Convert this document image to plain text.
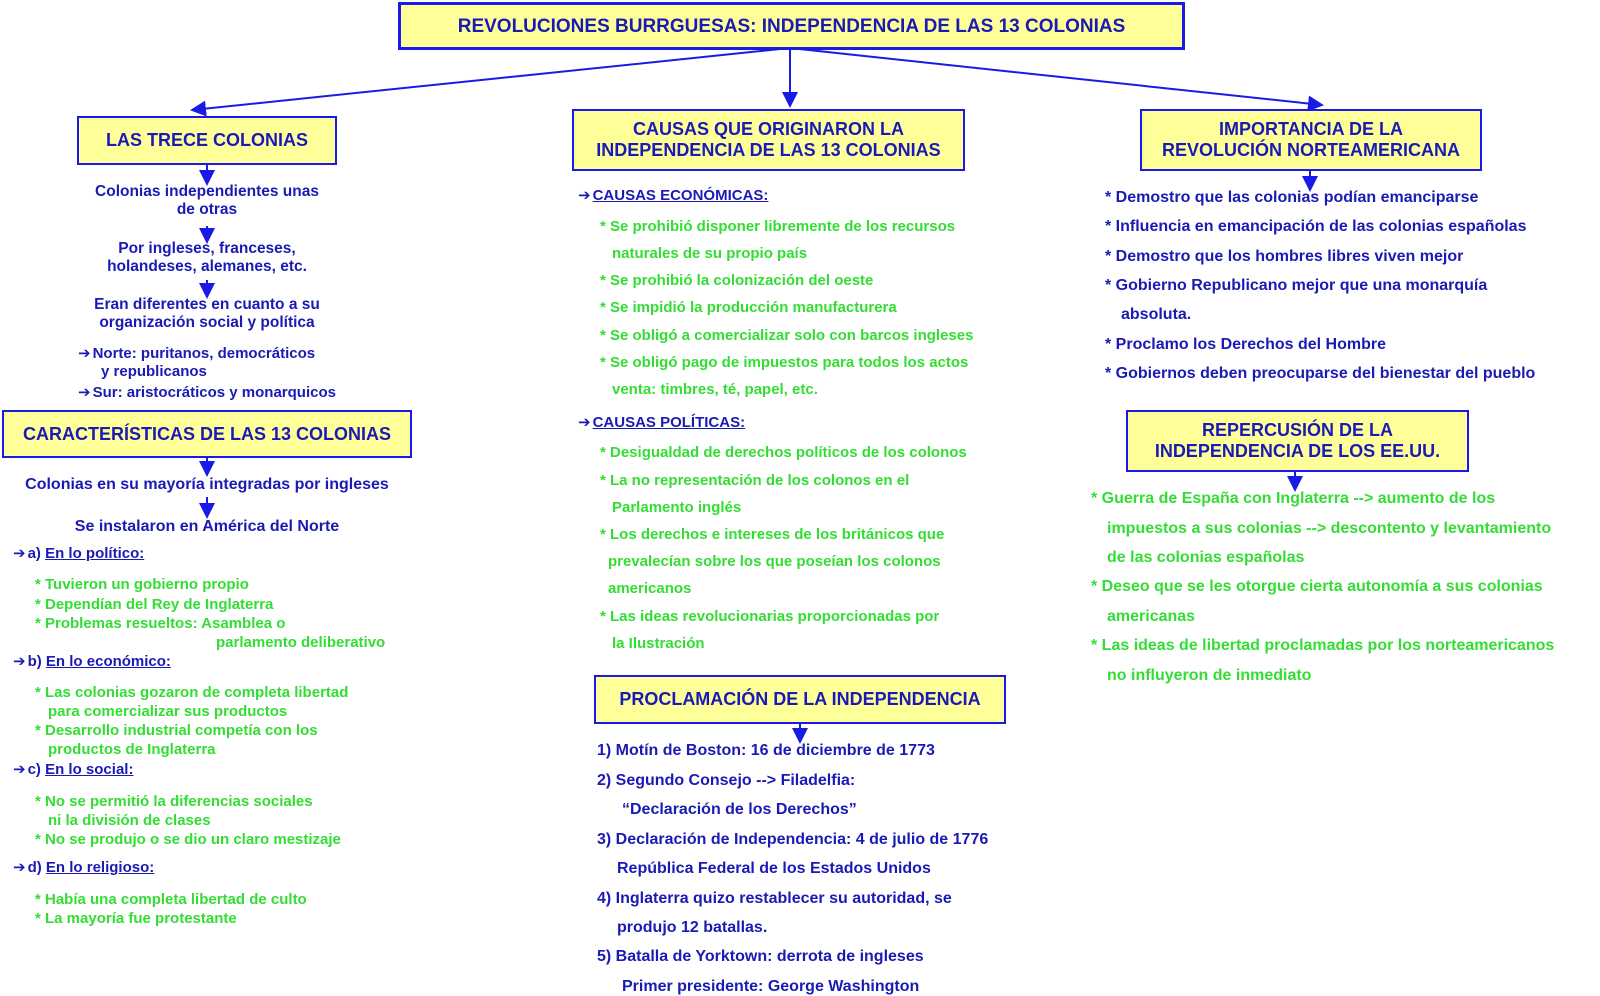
REVOLUCIONES BURRGUESAS: INDEPENDENCIA DE LAS 13 COLONIAS
LAS TRECE COLONIAS
Colonias independientes unas
de otras
Por ingleses, franceses,
holandeses, alemanes, etc.
Eran diferentes en cuanto a su
organización social y política
➔ Norte: puritanos, democráticos
y republicanos
➔ Sur: aristocráticos y monarquicos
CARACTERÍSTICAS DE LAS 13 COLONIAS
Colonias en su mayoría integradas por ingleses
Se instalaron en América del Norte
➔ a) En lo político:
* Tuvieron un gobierno propio
* Dependían del Rey de Inglaterra
* Problemas resueltos: Asamblea o
parlamento deliberativo
➔ b) En lo económico:
* Las colonias gozaron de completa libertad
para comercializar sus productos
* Desarrollo industrial competía con los
productos de Inglaterra
➔ c) En lo social:
* No se permitió la diferencias sociales
ni la división de clases
* No se produjo o se dio un claro mestizaje
➔ d) En lo religioso:
* Había una completa libertad de culto
* La mayoría fue protestante
CAUSAS QUE ORIGINARON LA
INDEPENDENCIA DE LAS 13 COLONIAS
➔ CAUSAS ECONÓMICAS:
* Se prohibió disponer libremente de los recursos
naturales de su propio país
* Se prohibió la colonización del oeste
* Se impidió la producción manufacturera
* Se obligó a comercializar solo con barcos ingleses
* Se obligó pago de impuestos para todos los actos
venta: timbres, té, papel, etc.
➔ CAUSAS POLÍTICAS:
* Desigualdad de derechos políticos de los colonos
* La no representación de los colonos en el
Parlamento inglés
* Los derechos e intereses de los británicos que
prevalecían sobre los que poseían los colonos
americanos
* Las ideas revolucionarias proporcionadas por
la Ilustración
PROCLAMACIÓN DE LA INDEPENDENCIA
1) Motín de Boston: 16 de diciembre de 1773
2) Segundo Consejo --> Filadelfia:
“Declaración de los Derechos”
3) Declaración de Independencia: 4 de julio de 1776
República Federal de los Estados Unidos
4) Inglaterra quizo restablecer su autoridad, se
produjo 12 batallas.
5) Batalla de Yorktown: derrota de ingleses
Primer presidente: George Washington
IMPORTANCIA DE LA
REVOLUCIÓN NORTEAMERICANA
* Demostro que las colonias podían emanciparse
* Influencia en emancipación de las colonias españolas
* Demostro que los hombres libres viven mejor
* Gobierno Republicano mejor que una monarquía
absoluta.
* Proclamo los Derechos del Hombre
* Gobiernos deben preocuparse del bienestar del pueblo
REPERCUSIÓN DE LA
INDEPENDENCIA DE LOS EE.UU.
* Guerra de España con Inglaterra --> aumento de los
impuestos a sus colonias --> descontento y levantamiento
de las colonias españolas
* Deseo que se les otorgue cierta autonomía a sus colonias
americanas
* Las ideas de libertad proclamadas por los norteamericanos
no influyeron de inmediato
